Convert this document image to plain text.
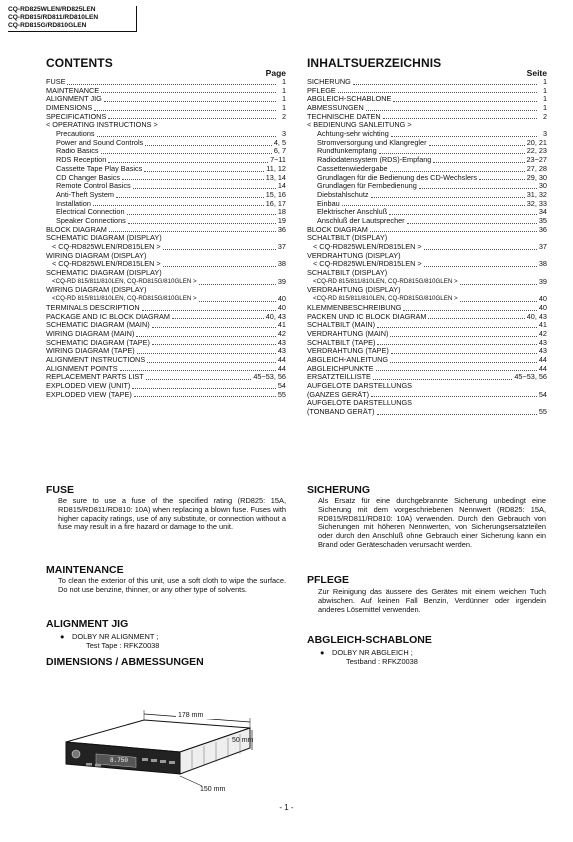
CQ-RD825WLEN/RD825LEN
CQ-RD815/RD811/RD810LEN
CQ-RD815G/RD810GLEN
CONTENTS
Page
FUSE	1
MAINTENANCE	1
ALIGNMENT JIG	1
DIMENSIONS	1
SPECIFICATIONS	2
< OPERATING INSTRUCTIONS >
Precautions	3
Power and Sound Controls	4, 5
Radio Basics	6, 7
RDS Reception	7~11
Cassette Tape Play Basics	11, 12
CD Changer Basics	13, 14
Remote Control Basics	14
Anti-Theft System	15, 16
Installation	16, 17
Electrical Connection	18
Speaker Connections	19
BLOCK DIAGRAM	36
SCHEMATIC DIAGRAM (DISPLAY)
< CQ-RD825WLEN/RD815LEN >	37
WIRING DIAGRAM (DISPLAY)
< CQ-RD825WLEN/RD815LEN >	38
SCHEMATIC DIAGRAM (DISPLAY)
<CQ-RD 815/811/810LEN, CQ-RD815G/810GLEN >	39
WIRING DIAGRAM (DISPLAY)
<CQ-RD 815/811/810LEN, CQ-RD815G/810GLEN >	40
TERMINALS DESCRIPTION	40
PACKAGE AND IC BLOCK DIAGRAM	40, 43
SCHEMATIC DIAGRAM (MAIN)	41
WIRING DIAGRAM (MAIN)	42
SCHEMATIC DIAGRAM (TAPE)	43
WIRING DIAGRAM (TAPE)	43
ALIGNMENT INSTRUCTIONS	44
ALIGNMENT POINTS	44
REPLACEMENT PARTS LIST	45~53, 56
EXPLODED VIEW (UNIT)	54
EXPLODED VIEW (TAPE)	55
INHALTSUERZEICHNIS
Seite
SICHERUNG	1
PFLEGE	1
ABGLEICH-SCHABLONE	1
ABMESSUNGEN	1
TECHNISCHE DATEN	2
< BEDIENUNG SANLEITUNG >
Achtung-sehr wichting	3
Stromversorgung und Klangregler	20, 21
Rundfunkempfang	22, 23
Radiodatensystem (RDS)-Empfang	23~27
Cassettenwiedergabe	27, 28
Grundlagen für die Bedienung des CD-Wechslers	29, 30
Grundlagen für Fernbedienung	30
Diebstahlschutz	31, 32
Einbau	32, 33
Elektrischer Anschluß	34
Anschluß der Lautsprecher	35
BLOCK DIAGRAM	36
SCHALTBILT (DISPLAY)
< CQ-RD825WLEN/RD815LEN >	37
VERDRAHTUNG (DISPLAY)
< CQ-RD825WLEN/RD815LEN >	38
SCHALTBILT (DISPLAY)
<CQ-RD 815/811/810LEN, CQ-RD815G/810GLEN >	39
VERDRAHTUNG (DISPLAY)
<CQ-RD 815/811/810LEN, CQ-RD815G/810GLEN >	40
KLEMMENBESCHREIBUNG	40
PACKEN UND IC BLOCK DIAGRAM	40, 43
SCHALTBILT (MAIN)	41
VERDRAHTUNG (MAIN)	42
SCHALTBILT (TAPE)	43
VERDRAHTUNG (TAPE)	43
ABGLEICH-ANLEITUNG	44
ABGLEICHPUNKTE	44
ERSATZTEILLISTE	45~53, 56
AUFGELÖTE DARSTELLUNGS
(GANZES GERÄT)	54
AUFGELÖTE DARSTELLUNGS
(TONBAND GERÄT)	55
FUSE
Be sure to use a fuse of the specified rating (RD825: 15A, RD815/RD811/RD810: 10A) when replacing a blown fuse. Fuses with higher capacity ratings, use of any substitute, or connection without a fuse may result in a fire hazard or damage to the unit.
MAINTENANCE
To clean the exterior of this unit, use a soft cloth to wipe the surface. Do not use benzine, thinner, or any other type of solvents.
ALIGNMENT JIG
● DOLBY NR ALIGNMENT ;
Test Tape : RFKZ0038
DIMENSIONS / ABMESSUNGEN
8.750
178 mm
50 mm
150 mm
SICHERUNG
Als Ersatz für eine durchgebrannte Sicherung unbedingt eine Sicherung mit dem vorgeschriebenen Nennwert (RD825: 15A, RD815/RD811/RD810: 10A) verwenden. Durch den Gebrauch von Sicherungen mit höheren Nennwerten, von Sicherungsersatzteilen oder durch den Anschluß ohne Gebrauch einer Sicherung kann ein Brand oder Geräteschaden verursacht werden.
PFLEGE
Zur Reinigung das äussere des Gerätes mit einem weichen Tuch abwischen. Auf keinen Fall Benzin, Verdünner oder irgendein anderes Lösemittel verwenden.
ABGLEICH-SCHABLONE
● DOLBY NR ABGLEICH ;
Testband : RFKZ0038
- 1 -
